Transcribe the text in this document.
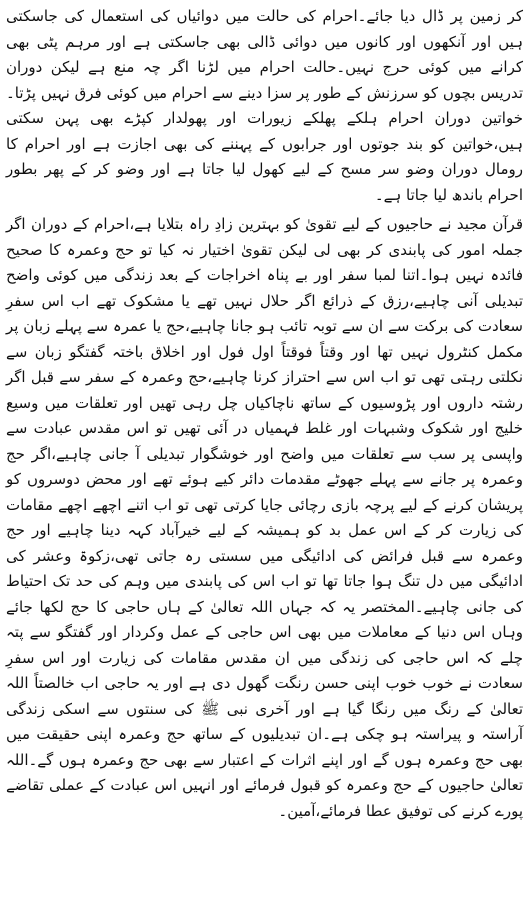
کر زمین پر ڈال دیا جائے۔احرام کی حالت میں دوائیاں کی استعمال کی جاسکتی ہیں اور آنکھوں اور کانوں میں دوائی ڈالی بھی جاسکتی ہے اور مرہم پٹی بھی کرانے میں کوئی حرج نہیں۔حالت احرام میں لڑنا اگر چہ منع ہے لیکن دوران تدریس بچوں کو سرزنش کے طور پر سزا دینے سے احرام میں کوئی فرق نہیں پڑتا۔خواتین دوران احرام ہلکے پھلکے زیورات اور پھولدار کپڑے بھی پہن سکتی ہیں،خواتین کو بند جوتوں اور جرابوں کے پہننے کی بھی اجازت ہے اور احرام کا رومال دوران وضو سر مسح کے لیے کھول لیا جاتا ہے اور وضو کر کے پھر بطور احرام باندھ لیا جاتا ہے۔

قرآن مجید نے حاجیوں کے لیے تقویٰ کو بہترین زادِ راہ بتلایا ہے،احرام کے دوران اگر جملہ امور کی پابندی کر بھی لی لیکن تقویٰ اختیار نہ کیا تو حج وعمرہ کا صحیح فائدہ نہیں ہوا۔اتنا لمبا سفر اور بے پناہ اخراجات کے بعد زندگی میں کوئی واضح تبدیلی آنی چاہیے،رزق کے ذرائع اگر حلال نہیں تھے یا مشکوک تھے اب اس سفرِ سعادت کی برکت سے ان سے توبہ تائب ہو جانا چاہیے،حج یا عمرہ سے پہلے زبان پر مکمل کنٹرول نہیں تھا اور وقتاً فوقتاً اول فول اور اخلاق باختہ گفتگو زبان سے نکلتی رہتی تھی تو اب اس سے احتراز کرنا چاہیے،حج وعمرہ کے سفر سے قبل اگر رشتہ داروں اور پڑوسیوں کے ساتھ ناچاکیاں چل رہی تھیں اور تعلقات میں وسیع خلیج اور شکوک وشبہات اور غلط فہمیاں در آئی تھیں تو اس مقدس عبادت سے واپسی پر سب سے تعلقات میں واضح اور خوشگوار تبدیلی آ جانی چاہیے،اگر حج وعمرہ پر جانے سے پہلے جھوٹے مقدمات دائر کیے ہوئے تھے اور محض دوسروں کو پریشان کرنے کے لیے پرچہ بازی رچائی جایا کرتی تھی تو اب اتنے اچھے اچھے مقامات کی زیارت کر کے اس عمل بد کو ہمیشہ کے لیے خیرآباد کہہ دینا چاہیے اور حج وعمرہ سے قبل فرائض کی ادائیگی میں سستی رہ جاتی تھی،زکوۃ وعشر کی ادائیگی میں دل تنگ ہوا جاتا تھا تو اب اس کی پابندی میں وہم کی حد تک احتیاط کی جانی چاہیے۔المختصر یہ کہ جہاں اللہ تعالیٰ کے ہاں حاجی کا حج لکھا جائے وہاں اس دنیا کے معاملات میں بھی اس حاجی کے عمل وکردار اور گفتگو سے پتہ چلے کہ اس حاجی کی زندگی میں ان مقدس مقامات کی زیارت اور اس سفرِ سعادت نے خوب خوب اپنی حسن رنگت گھول دی ہے اور یہ حاجی اب خالصتاً اللہ تعالیٰ کے رنگ میں رنگا گیا ہے اور آخری نبی ﷺ کی سنتوں سے اسکی زندگی آراستہ و پیراستہ ہو چکی ہے۔ان تبدیلیوں کے ساتھ حج وعمرہ اپنی حقیقت میں بھی حج وعمرہ ہوں گے اور اپنے اثرات کے اعتبار سے بھی حج وعمرہ ہوں گے۔اللہ تعالیٰ حاجیوں کے حج وعمرہ کو قبول فرمائے اور انہیں اس عبادت کے عملی تقاضے پورے کرنے کی توفیق عطا فرمائے،آمین۔
